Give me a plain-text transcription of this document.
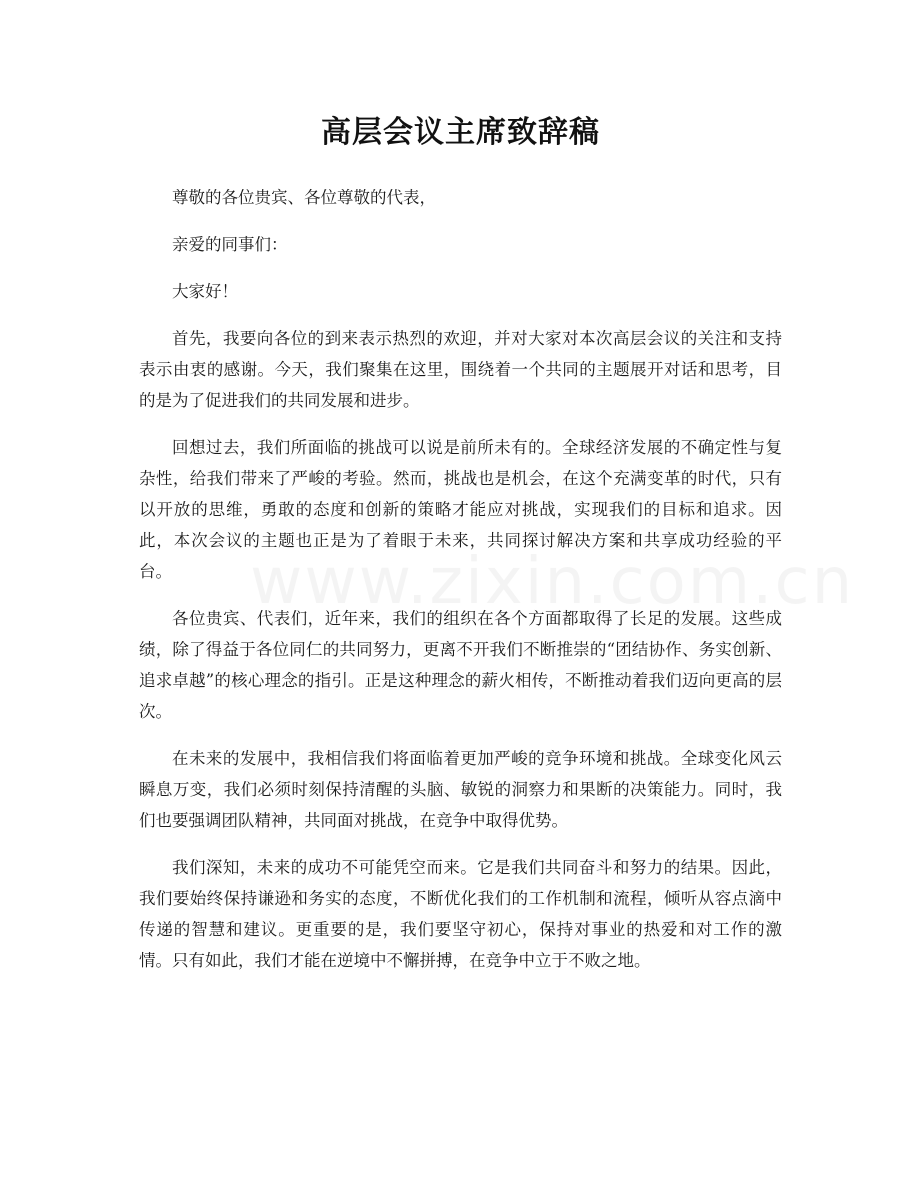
高层会议主席致辞稿

尊敬的各位贵宾、各位尊敬的代表，

亲爱的同事们：

大家好！

首先，我要向各位的到来表示热烈的欢迎，并对大家对本次高层会议的关注和支持表示由衷的感谢。今天，我们聚集在这里，围绕着一个共同的主题展开对话和思考，目的是为了促进我们的共同发展和进步。

回想过去，我们所面临的挑战可以说是前所未有的。全球经济发展的不确定性与复杂性，给我们带来了严峻的考验。然而，挑战也是机会，在这个充满变革的时代，只有以开放的思维，勇敢的态度和创新的策略才能应对挑战，实现我们的目标和追求。因此，本次会议的主题也正是为了着眼于未来，共同探讨解决方案和共享成功经验的平台。

各位贵宾、代表们，近年来，我们的组织在各个方面都取得了长足的发展。这些成绩，除了得益于各位同仁的共同努力，更离不开我们不断推崇的“团结协作、务实创新、追求卓越”的核心理念的指引。正是这种理念的薪火相传，不断推动着我们迈向更高的层次。

在未来的发展中，我相信我们将面临着更加严峻的竞争环境和挑战。全球变化风云瞬息万变，我们必须时刻保持清醒的头脑、敏锐的洞察力和果断的决策能力。同时，我们也要强调团队精神，共同面对挑战，在竞争中取得优势。

我们深知，未来的成功不可能凭空而来。它是我们共同奋斗和努力的结果。因此，我们要始终保持谦逊和务实的态度，不断优化我们的工作机制和流程，倾听从容点滴中传递的智慧和建议。更重要的是，我们要坚守初心，保持对事业的热爱和对工作的激情。只有如此，我们才能在逆境中不懈拼搏，在竞争中立于不败之地。
